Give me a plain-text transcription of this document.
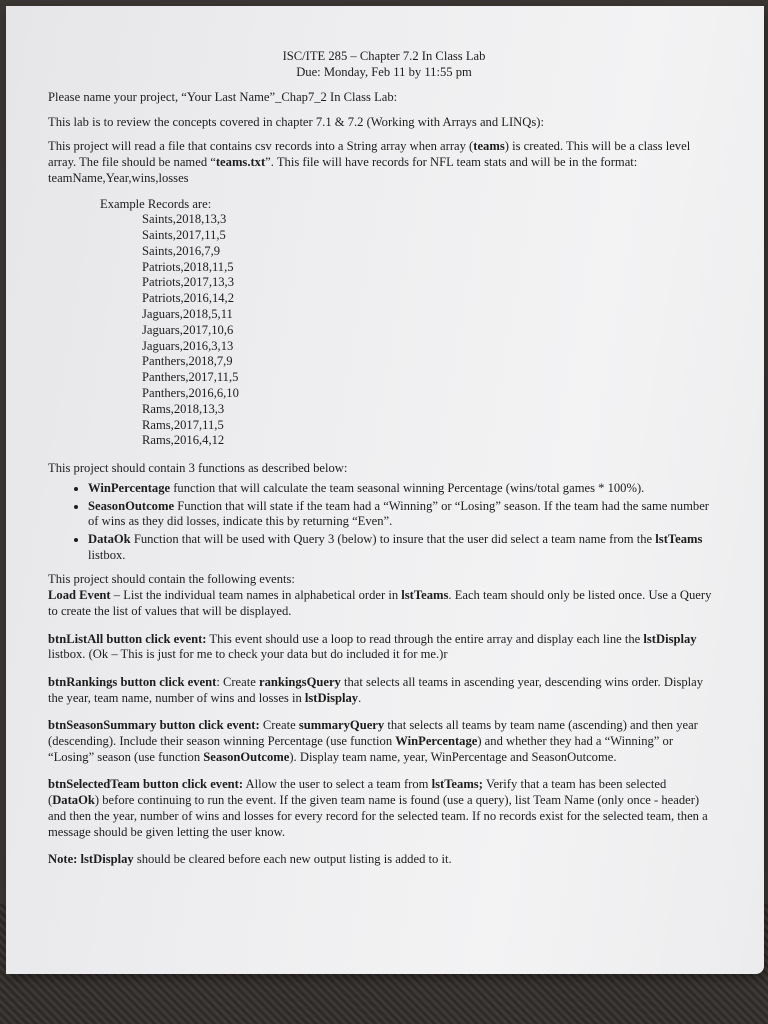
ISC/ITE 285 – Chapter 7.2 In Class Lab
Due: Monday, Feb 11 by 11:55 pm

Please name your project, “Your Last Name”_Chap7_2 In Class Lab:

This lab is to review the concepts covered in chapter 7.1 & 7.2 (Working with Arrays and LINQs):

This project will read a file that contains csv records into a String array when array (teams) is created. This will be a class level array. The file should be named “teams.txt”. This file will have records for NFL team stats and will be in the format: teamName,Year,wins,losses

Example Records are:
Saints,2018,13,3
Saints,2017,11,5
Saints,2016,7,9
Patriots,2018,11,5
Patriots,2017,13,3
Patriots,2016,14,2
Jaguars,2018,5,11
Jaguars,2017,10,6
Jaguars,2016,3,13
Panthers,2018,7,9
Panthers,2017,11,5
Panthers,2016,6,10
Rams,2018,13,3
Rams,2017,11,5
Rams,2016,4,12

This project should contain 3 functions as described below:

• WinPercentage function that will calculate the team seasonal winning Percentage (wins/total games * 100%).
• SeasonOutcome Function that will state if the team had a “Winning” or “Losing” season. If the team had the same number of wins as they did losses, indicate this by returning “Even”.
• DataOk Function that will be used with Query 3 (below) to insure that the user did select a team name from the lstTeams listbox.

This project should contain the following events:

Load Event – List the individual team names in alphabetical order in lstTeams. Each team should only be listed once. Use a Query to create the list of values that will be displayed.

btnListAll button click event: This event should use a loop to read through the entire array and display each line the lstDisplay listbox. (Ok – This is just for me to check your data but do included it for me.)r

btnRankings button click event: Create rankingsQuery that selects all teams in ascending year, descending wins order. Display the year, team name, number of wins and losses in lstDisplay.

btnSeasonSummary button click event: Create summaryQuery that selects all teams by team name (ascending) and then year (descending). Include their season winning Percentage (use function WinPercentage) and whether they had a “Winning” or “Losing” season (use function SeasonOutcome). Display team name, year, WinPercentage and SeasonOutcome.

btnSelectedTeam button click event: Allow the user to select a team from lstTeams; Verify that a team has been selected (DataOk) before continuing to run the event. If the given team name is found (use a query), list Team Name (only once - header) and then the year, number of wins and losses for every record for the selected team. If no records exist for the selected team, then a message should be given letting the user know.

Note: lstDisplay should be cleared before each new output listing is added to it.
